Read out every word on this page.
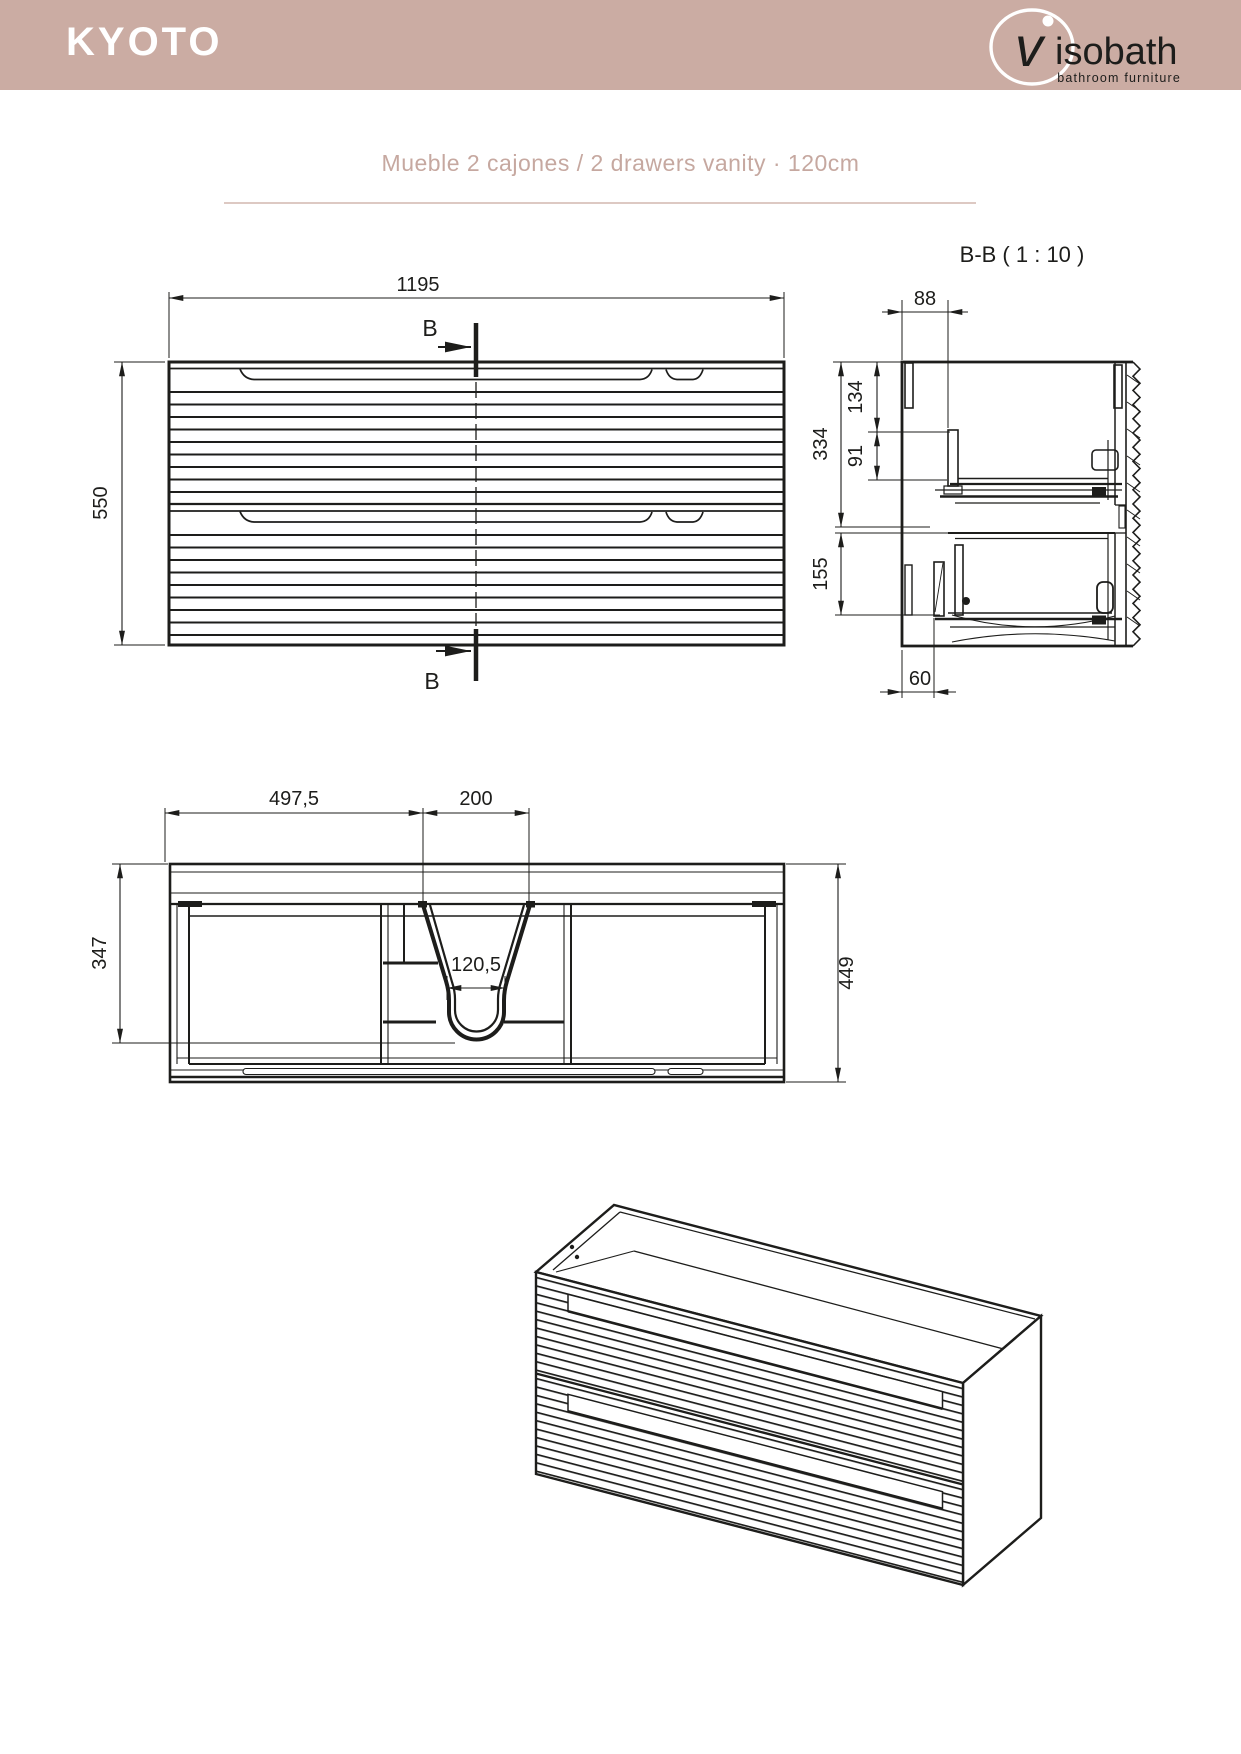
KYOTO	v isobath
bathroom furniture
Mueble 2 cajones / 2 drawers vanity · 120cm
1195
550
B
B
B-B ( 1 : 10 )
88
334
134
91
155
60
497,5	200
347	120,5	449
